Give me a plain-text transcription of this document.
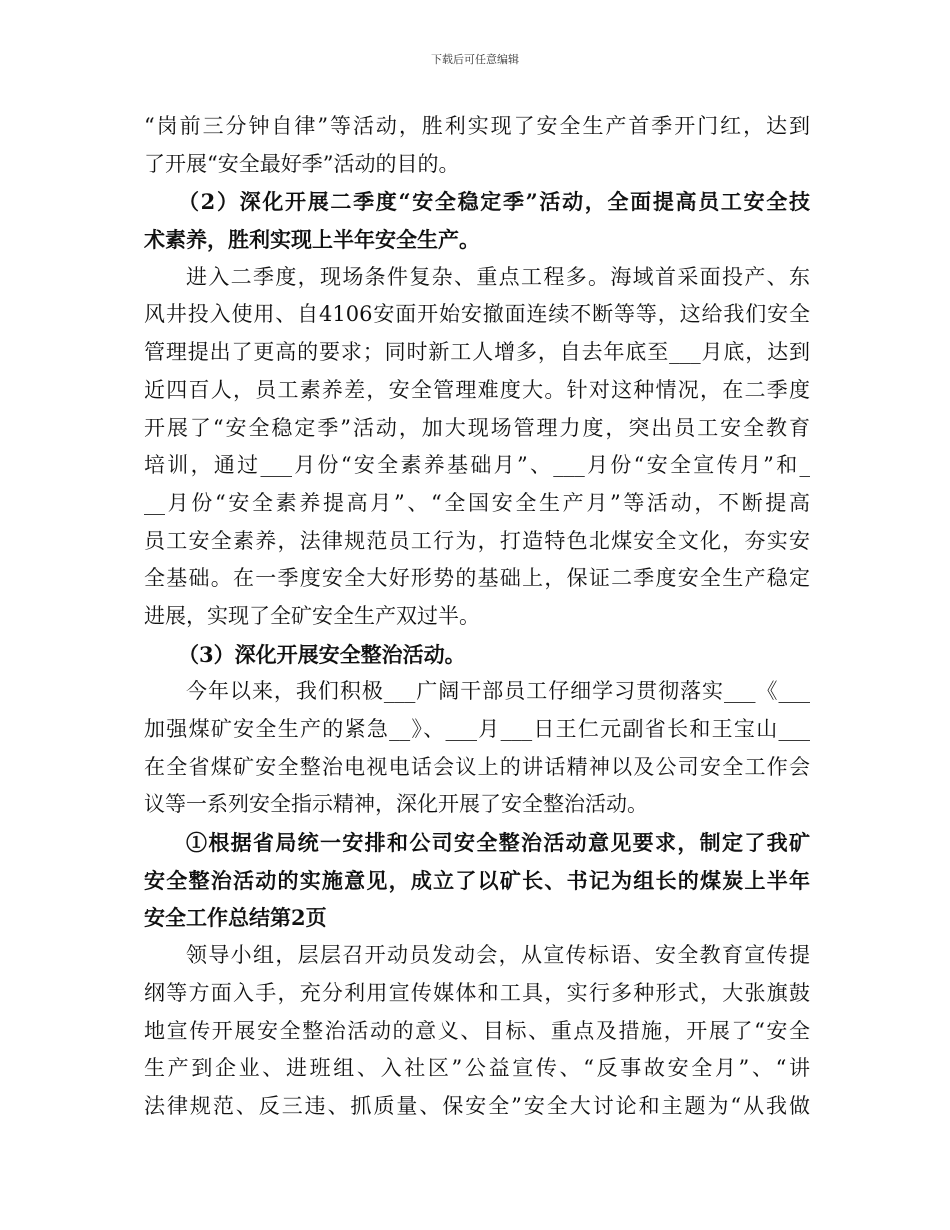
下载后可任意编辑
“岗前三分钟自律”等活动，胜利实现了安全生产首季开门红，达到
了开展“安全最好季”活动的目的。
（2）深化开展二季度“安全稳定季”活动，全面提高员工安全技
术素养，胜利实现上半年安全生产。
进入二季度，现场条件复杂、重点工程多。海域首采面投产、东
风井投入使用、自4106安面开始安撤面连续不断等等，这给我们安全
管理提出了更高的要求；同时新工人增多，自去年底至___月底，达到
近四百人，员工素养差，安全管理难度大。针对这种情况，在二季度
开展了“安全稳定季”活动，加大现场管理力度，突出员工安全教育
培训，通过___月份“安全素养基础月”、___月份“安全宣传月”和_
__月份“安全素养提高月”、“全国安全生产月”等活动，不断提高
员工安全素养，法律规范员工行为，打造特色北煤安全文化，夯实安
全基础。在一季度安全大好形势的基础上，保证二季度安全生产稳定
进展，实现了全矿安全生产双过半。
（3）深化开展安全整治活动。
今年以来，我们积极___广阔干部员工仔细学习贯彻落实___《___
加强煤矿安全生产的紧急__》、___月___日王仁元副省长和王宝山___
在全省煤矿安全整治电视电话会议上的讲话精神以及公司安全工作会
议等一系列安全指示精神，深化开展了安全整治活动。
①根据省局统一安排和公司安全整治活动意见要求，制定了我矿
安全整治活动的实施意见，成立了以矿长、书记为组长的煤炭上半年
安全工作总结第2页
领导小组，层层召开动员发动会，从宣传标语、安全教育宣传提
纲等方面入手，充分利用宣传媒体和工具，实行多种形式，大张旗鼓
地宣传开展安全整治活动的意义、目标、重点及措施，开展了“安全
生产到企业、进班组、入社区”公益宣传、“反事故安全月”、“讲
法律规范、反三违、抓质量、保安全”安全大讨论和主题为“从我做
